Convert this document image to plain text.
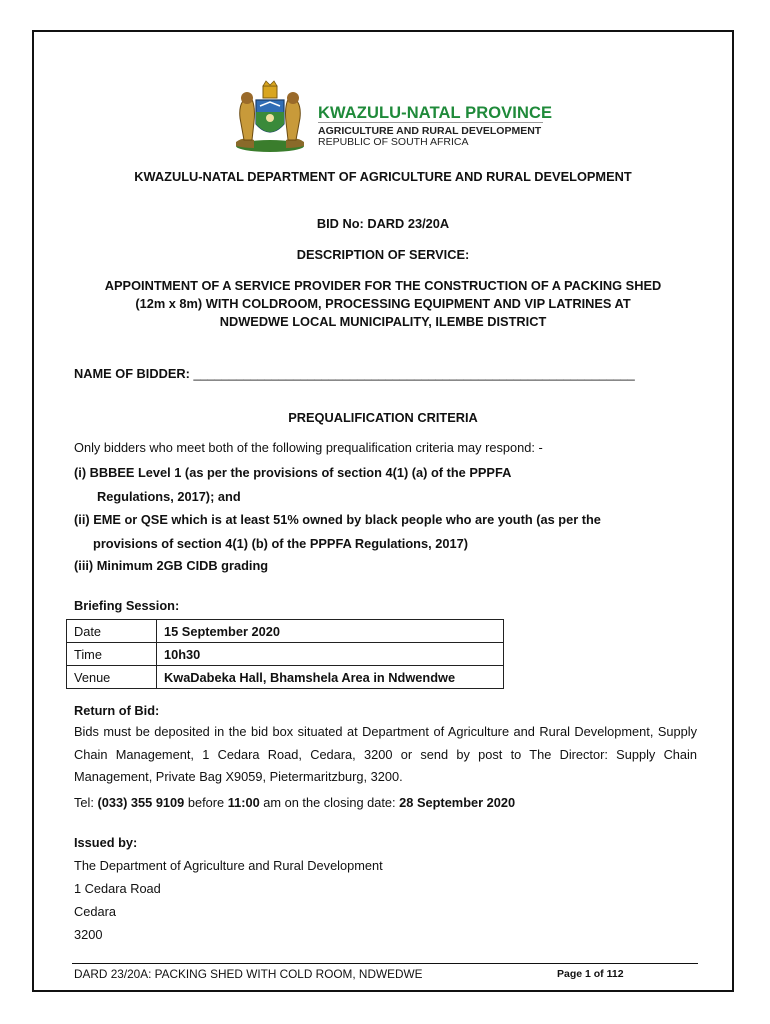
KWAZULU-NATAL PROVINCE
AGRICULTURE AND RURAL DEVELOPMENT
REPUBLIC OF SOUTH AFRICA
KWAZULU-NATAL DEPARTMENT OF AGRICULTURE AND RURAL DEVELOPMENT
BID No: DARD 23/20A
DESCRIPTION OF SERVICE:
APPOINTMENT OF A SERVICE PROVIDER FOR THE CONSTRUCTION OF A PACKING SHED
(12m x 8m) WITH COLDROOM, PROCESSING EQUIPMENT AND VIP LATRINES AT
NDWEDWE LOCAL MUNICIPALITY, ILEMBE DISTRICT
NAME OF BIDDER: ______________________________________________________________
PREQUALIFICATION CRITERIA
Only bidders who meet both of the following prequalification criteria may respond: -
(i) BBBEE Level 1 (as per the provisions of section 4(1) (a) of the PPPFA
Regulations, 2017); and
(ii) EME or QSE which is at least 51% owned by black people who are youth (as per the
provisions of section 4(1) (b) of the PPPFA Regulations, 2017)
(iii) Minimum 2GB CIDB grading
Briefing Session:
Date	15 September 2020
Time	10h30
Venue	KwaDabeka Hall, Bhamshela Area in Ndwendwe
Return of Bid:
Bids must be deposited in the bid box situated at Department of Agriculture and Rural Development, Supply Chain Management, 1 Cedara Road, Cedara, 3200 or send by post to The Director: Supply Chain Management, Private Bag X9059, Pietermaritzburg, 3200.
Tel: (033) 355 9109 before 11:00 am on the closing date: 28 September 2020
Issued by:
The Department of Agriculture and Rural Development
1 Cedara Road
Cedara
3200
DARD 23/20A: PACKING SHED WITH COLD ROOM, NDWEDWE	Page 1 of 112
